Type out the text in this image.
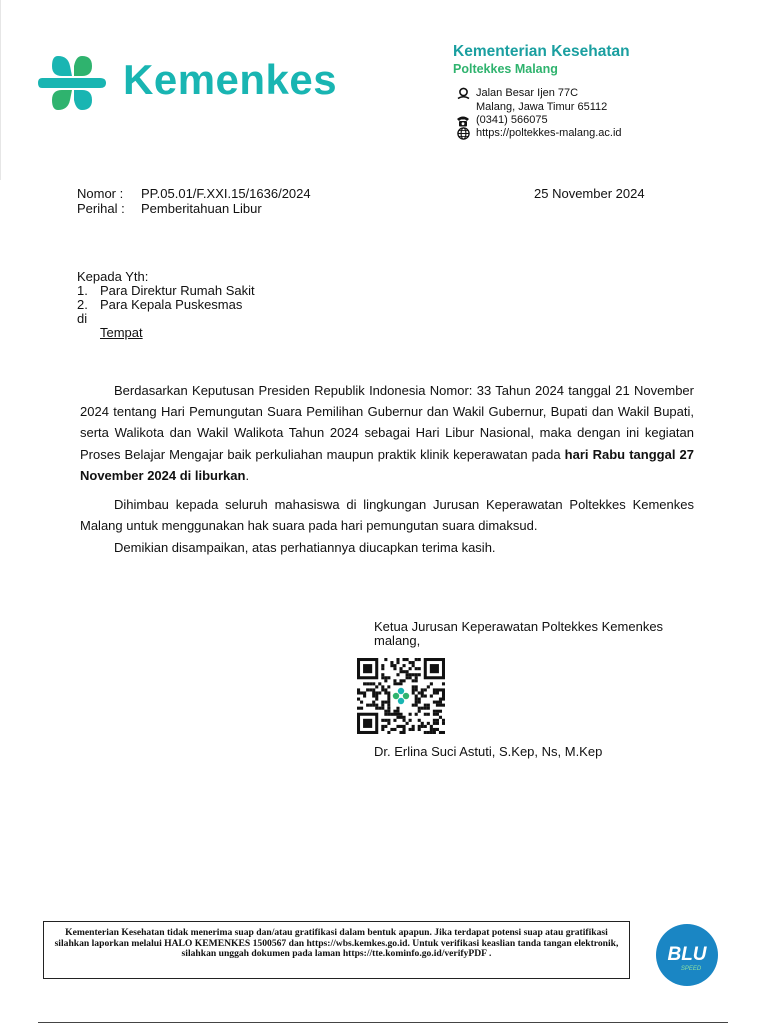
Kemenkes
Kementerian Kesehatan
Poltekkes Malang
Jalan Besar Ijen 77C
Malang, Jawa Timur 65112
(0341) 566075
https://poltekkes-malang.ac.id
Nomor : PP.05.01/F.XXI.15/1636/2024	25 November 2024
Perihal : Pemberitahuan Libur
Kepada Yth:
1. Para Direktur Rumah Sakit
2. Para Kepala Puskesmas
di
Tempat
Berdasarkan Keputusan Presiden Republik Indonesia Nomor: 33 Tahun 2024 tanggal 21 November 2024 tentang Hari Pemungutan Suara Pemilihan Gubernur dan Wakil Gubernur, Bupati dan Wakil Bupati, serta Walikota dan Wakil Walikota Tahun 2024 sebagai Hari Libur Nasional, maka dengan ini kegiatan Proses Belajar Mengajar baik perkuliahan maupun praktik klinik keperawatan pada hari Rabu tanggal 27 November 2024 di liburkan.
Dihimbau kepada seluruh mahasiswa di lingkungan Jurusan Keperawatan Poltekkes Kemenkes Malang untuk menggunakan hak suara pada hari pemungutan suara dimaksud.
Demikian disampaikan, atas perhatiannya diucapkan terima kasih.
Ketua Jurusan Keperawatan Poltekkes Kemenkes
malang,
Dr. Erlina Suci Astuti, S.Kep, Ns, M.Kep
Kementerian Kesehatan tidak menerima suap dan/atau gratifikasi dalam bentuk apapun. Jika terdapat potensi suap atau gratifikasi silahkan laporkan melalui HALO KEMENKES 1500567 dan https://wbs.kemkes.go.id. Untuk verifikasi keaslian tanda tangan elektronik, silahkan unggah dokumen pada laman https://tte.kominfo.go.id/verifyPDF .	BLU
SPEED
